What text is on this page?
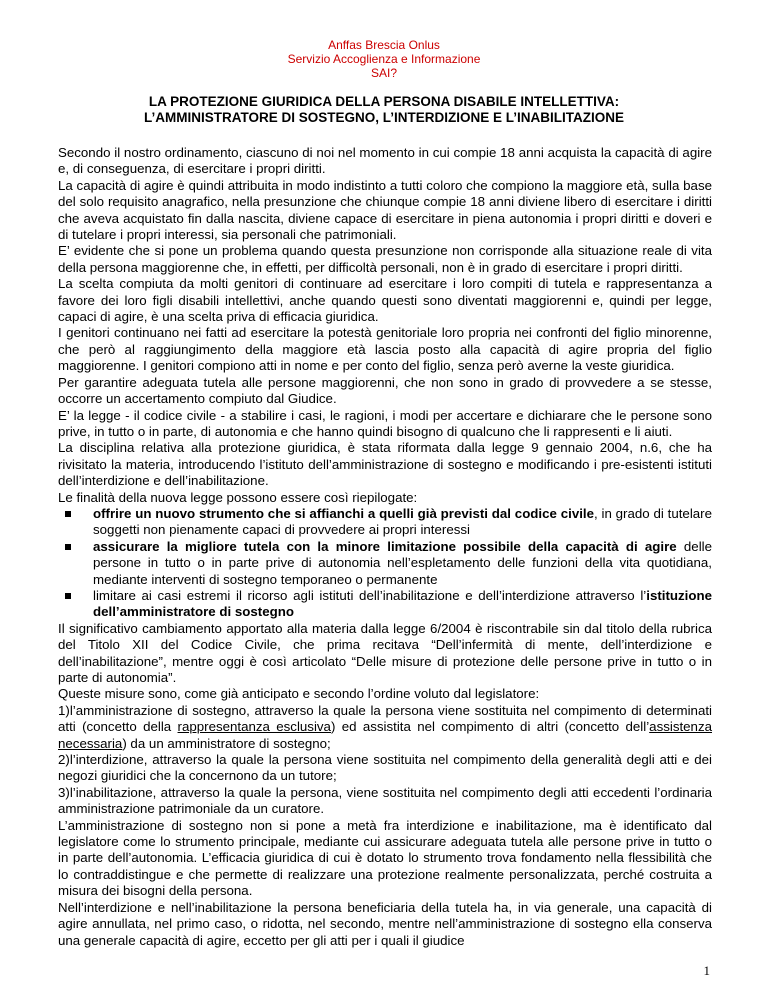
Anffas Brescia Onlus
Servizio Accoglienza e Informazione
SAI?
LA PROTEZIONE GIURIDICA DELLA PERSONA DISABILE INTELLETTIVA:
L’AMMINISTRATORE DI SOSTEGNO, L’INTERDIZIONE E L’INABILITAZIONE

Secondo il nostro ordinamento, ciascuno di noi nel momento in cui compie 18 anni acquista la capacità di agire e, di conseguenza, di esercitare i propri diritti.

La capacità di agire è quindi attribuita in modo indistinto a tutti coloro che compiono la maggiore età, sulla base del solo requisito anagrafico, nella presunzione che chiunque compie 18 anni diviene libero di esercitare i diritti che aveva acquistato fin dalla nascita, diviene capace di esercitare in piena autonomia i propri diritti e doveri e di tutelare i propri interessi, sia personali che patrimoniali.

E’ evidente che si pone un problema quando questa presunzione non corrisponde alla situazione reale di vita della persona maggiorenne che, in effetti, per difficoltà personali, non è in grado di esercitare i propri diritti.

La scelta compiuta da molti genitori di continuare ad esercitare i loro compiti di tutela e rappresentanza a favore dei loro figli disabili intellettivi, anche quando questi sono diventati maggiorenni e, quindi per legge, capaci di agire, è una scelta priva di efficacia giuridica.

I genitori continuano nei fatti ad esercitare la potestà genitoriale loro propria nei confronti del figlio minorenne, che però al raggiungimento della maggiore età lascia posto alla capacità di agire propria del figlio maggiorenne. I genitori compiono atti in nome e per conto del figlio, senza però averne la veste giuridica.

Per garantire adeguata tutela alle persone maggiorenni, che non sono in grado di provvedere a se stesse, occorre un accertamento compiuto dal Giudice.

E’ la legge - il codice civile - a stabilire i casi, le ragioni, i modi per accertare e dichiarare che le persone sono prive, in tutto o in parte, di autonomia e che hanno quindi bisogno di qualcuno che li rappresenti e li aiuti.

La disciplina relativa alla protezione giuridica, è stata riformata dalla legge 9 gennaio 2004, n.6, che ha rivisitato la materia, introducendo l’istituto dell’amministrazione di sostegno e modificando i pre-esistenti istituti dell’interdizione e dell’inabilitazione.

Le finalità della nuova legge possono essere così riepilogate:

offrire un nuovo strumento che si affianchi a quelli già previsti dal codice civile, in grado di tutelare soggetti non pienamente capaci di provvedere ai propri interessi
assicurare la migliore tutela con la minore limitazione possibile della capacità di agire delle persone in tutto o in parte prive di autonomia nell’espletamento delle funzioni della vita quotidiana, mediante interventi di sostegno temporaneo o permanente
limitare ai casi estremi il ricorso agli istituti dell’inabilitazione e dell’interdizione attraverso l’istituzione dell’amministratore di sostegno

Il significativo cambiamento apportato alla materia dalla legge 6/2004 è riscontrabile sin dal titolo della rubrica del Titolo XII del Codice Civile, che prima recitava “Dell’infermità di mente, dell’interdizione e dell’inabilitazione”, mentre oggi è così articolato “Delle misure di protezione delle persone prive in tutto o in parte di autonomia”.

Queste misure sono, come già anticipato e secondo l’ordine voluto dal legislatore:

1)l’amministrazione di sostegno, attraverso la quale la persona viene sostituita nel compimento di determinati atti (concetto della rappresentanza esclusiva) ed assistita nel compimento di altri (concetto dell’assistenza necessaria) da un amministratore di sostegno;

2)l’interdizione, attraverso la quale la persona viene sostituita nel compimento della generalità degli atti e dei negozi giuridici che la concernono da un tutore;

3)l’inabilitazione, attraverso la quale la persona, viene sostituita nel compimento degli atti eccedenti l’ordinaria amministrazione patrimoniale da un curatore.

L’amministrazione di sostegno non si pone a metà fra interdizione e inabilitazione, ma è identificato dal legislatore come lo strumento principale, mediante cui assicurare adeguata tutela alle persone prive in tutto o in parte dell’autonomia. L’efficacia giuridica di cui è dotato lo strumento trova fondamento nella flessibilità che lo contraddistingue e che permette di realizzare una protezione realmente personalizzata, perché costruita a misura dei bisogni della persona.

Nell’interdizione e nell’inabilitazione la persona beneficiaria della tutela ha, in via generale, una capacità di agire annullata, nel primo caso, o ridotta, nel secondo, mentre nell’amministrazione di sostegno ella conserva una generale capacità di agire, eccetto per gli atti per i quali il giudice

1
